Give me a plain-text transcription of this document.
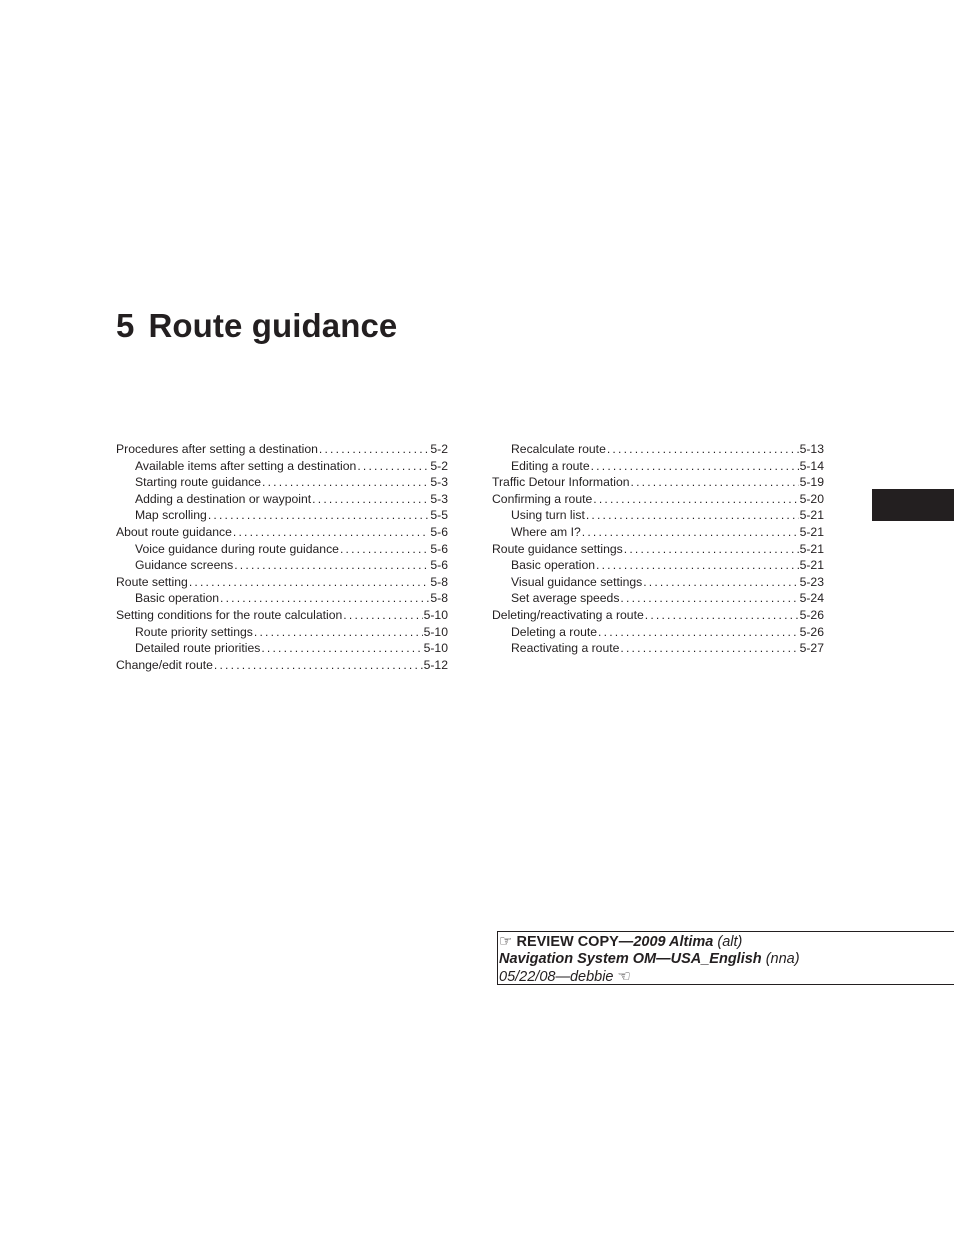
5 Route guidance
Procedures after setting a destination . . .	5-2
Available items after setting a destination . . .	5-2
Starting route guidance . . .	5-3
Adding a destination or waypoint . . .	5-3
Map scrolling . . .	5-5
About route guidance . . .	5-6
Voice guidance during route guidance . . .	5-6
Guidance screens . . .	5-6
Route setting . . .	5-8
Basic operation . . .	5-8
Setting conditions for the route calculation . . .	5-10
Route priority settings . . .	5-10
Detailed route priorities . . .	5-10
Change/edit route . . .	5-12
Recalculate route . . .	5-13
Editing a route . . .	5-14
Traffic Detour Information . . .	5-19
Confirming a route . . .	5-20
Using turn list . . .	5-21
Where am I? . . .	5-21
Route guidance settings . . .	5-21
Basic operation . . .	5-21
Visual guidance settings . . .	5-23
Set average speeds . . .	5-24
Deleting/reactivating a route . . .	5-26
Deleting a route . . .	5-26
Reactivating a route . . .	5-27
☞ REVIEW COPY—2009 Altima (alt)
Navigation System OM—USA_English (nna)
05/22/08—debbie ☜
